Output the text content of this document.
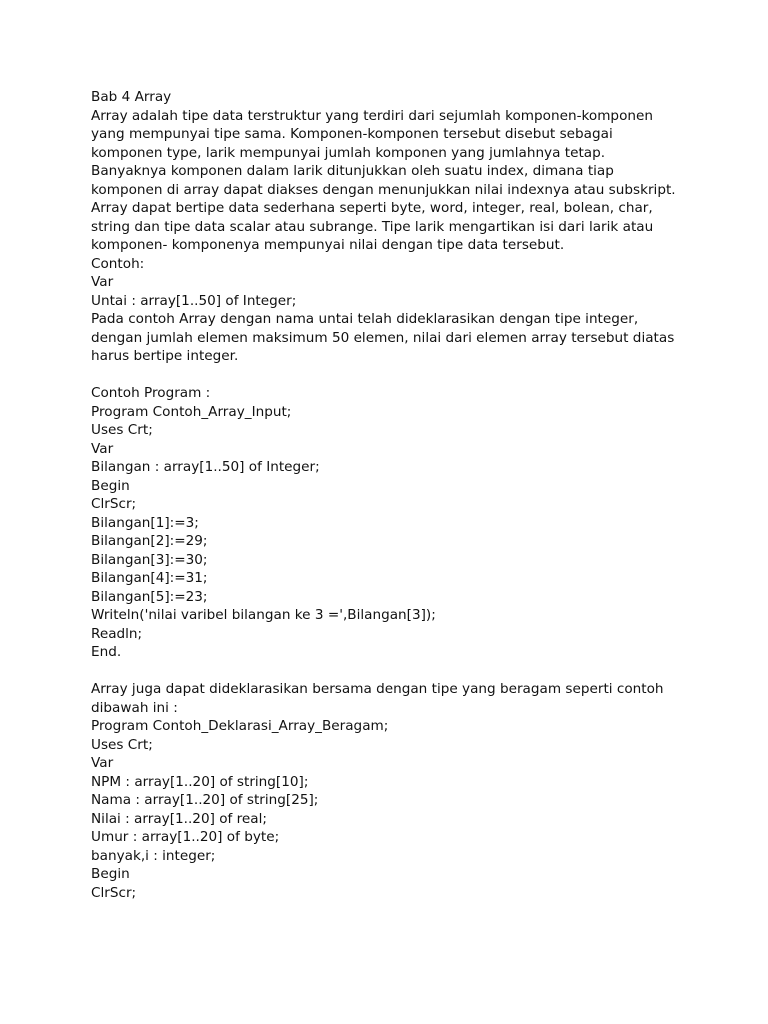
Bab 4 Array
Array adalah tipe data terstruktur yang terdiri dari sejumlah komponen-komponen
yang mempunyai tipe sama. Komponen-komponen tersebut disebut sebagai
komponen type, larik mempunyai jumlah komponen yang jumlahnya tetap.
Banyaknya komponen dalam larik ditunjukkan oleh suatu index, dimana tiap
komponen di array dapat diakses dengan menunjukkan nilai indexnya atau subskript.
Array dapat bertipe data sederhana seperti byte, word, integer, real, bolean, char,
string dan tipe data scalar atau subrange. Tipe larik mengartikan isi dari larik atau
komponen- komponenya mempunyai nilai dengan tipe data tersebut.
Contoh:
Var
Untai : array[1..50] of Integer;
Pada contoh Array dengan nama untai telah dideklarasikan dengan tipe integer,
dengan jumlah elemen maksimum 50 elemen, nilai dari elemen array tersebut diatas
harus bertipe integer.
Contoh Program :
Program Contoh_Array_Input;
Uses Crt;
Var
Bilangan : array[1..50] of Integer;
Begin
ClrScr;
Bilangan[1]:=3;
Bilangan[2]:=29;
Bilangan[3]:=30;
Bilangan[4]:=31;
Bilangan[5]:=23;
Writeln('nilai varibel bilangan ke 3 =',Bilangan[3]);
Readln;
End.
Array juga dapat dideklarasikan bersama dengan tipe yang beragam seperti contoh
dibawah ini :
Program Contoh_Deklarasi_Array_Beragam;
Uses Crt;
Var
NPM : array[1..20] of string[10];
Nama : array[1..20] of string[25];
Nilai : array[1..20] of real;
Umur : array[1..20] of byte;
banyak,i : integer;
Begin
ClrScr;
